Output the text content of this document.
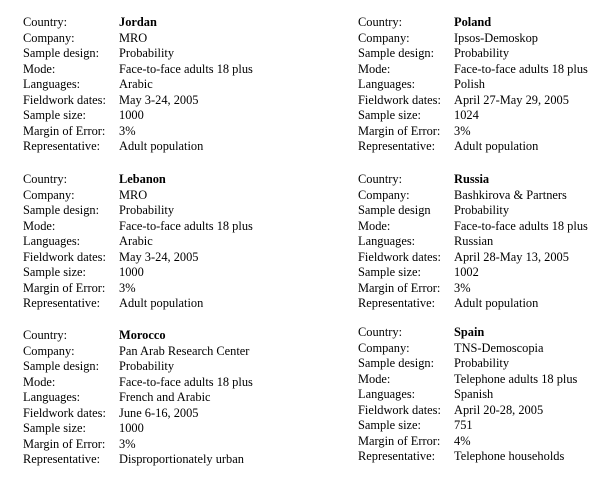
Country:	Jordan
Company:	MRO
Sample design: Probability
Mode:	Face-to-face adults 18 plus
Languages:	Arabic
Fieldwork dates: May 3-24, 2005
Sample size:	1000
Margin of Error: 3%
Representative: Adult population
Country:	Poland
Company:	Ipsos-Demoskop
Sample design: Probability
Mode:	Face-to-face adults 18 plus
Languages:	Polish
Fieldwork dates: April 27-May 29, 2005
Sample size:	1024
Margin of Error: 3%
Representative: Adult population
Country:	Lebanon
Company:	MRO
Sample design: Probability
Mode:	Face-to-face adults 18 plus
Languages:	Arabic
Fieldwork dates: May 3-24, 2005
Sample size:	1000
Margin of Error: 3%
Representative: Adult population
Country:	Russia
Company:	Bashkirova & Partners
Sample design Probability
Mode:	Face-to-face adults 18 plus
Languages:	Russian
Fieldwork dates: April 28-May 13, 2005
Sample size:	1002
Margin of Error: 3%
Representative: Adult population
Country:	Morocco
Company:	Pan Arab Research Center
Sample design: Probability
Mode:	Face-to-face adults 18 plus
Languages:	French and Arabic
Fieldwork dates: June 6-16, 2005
Sample size:	1000
Margin of Error: 3%
Representative: Disproportionately urban
Country:	Spain
Company:	TNS-Demoscopia
Sample design: Probability
Mode:	Telephone adults 18 plus
Languages:	Spanish
Fieldwork dates: April 20-28, 2005
Sample size:	751
Margin of Error: 4%
Representative: Telephone households
